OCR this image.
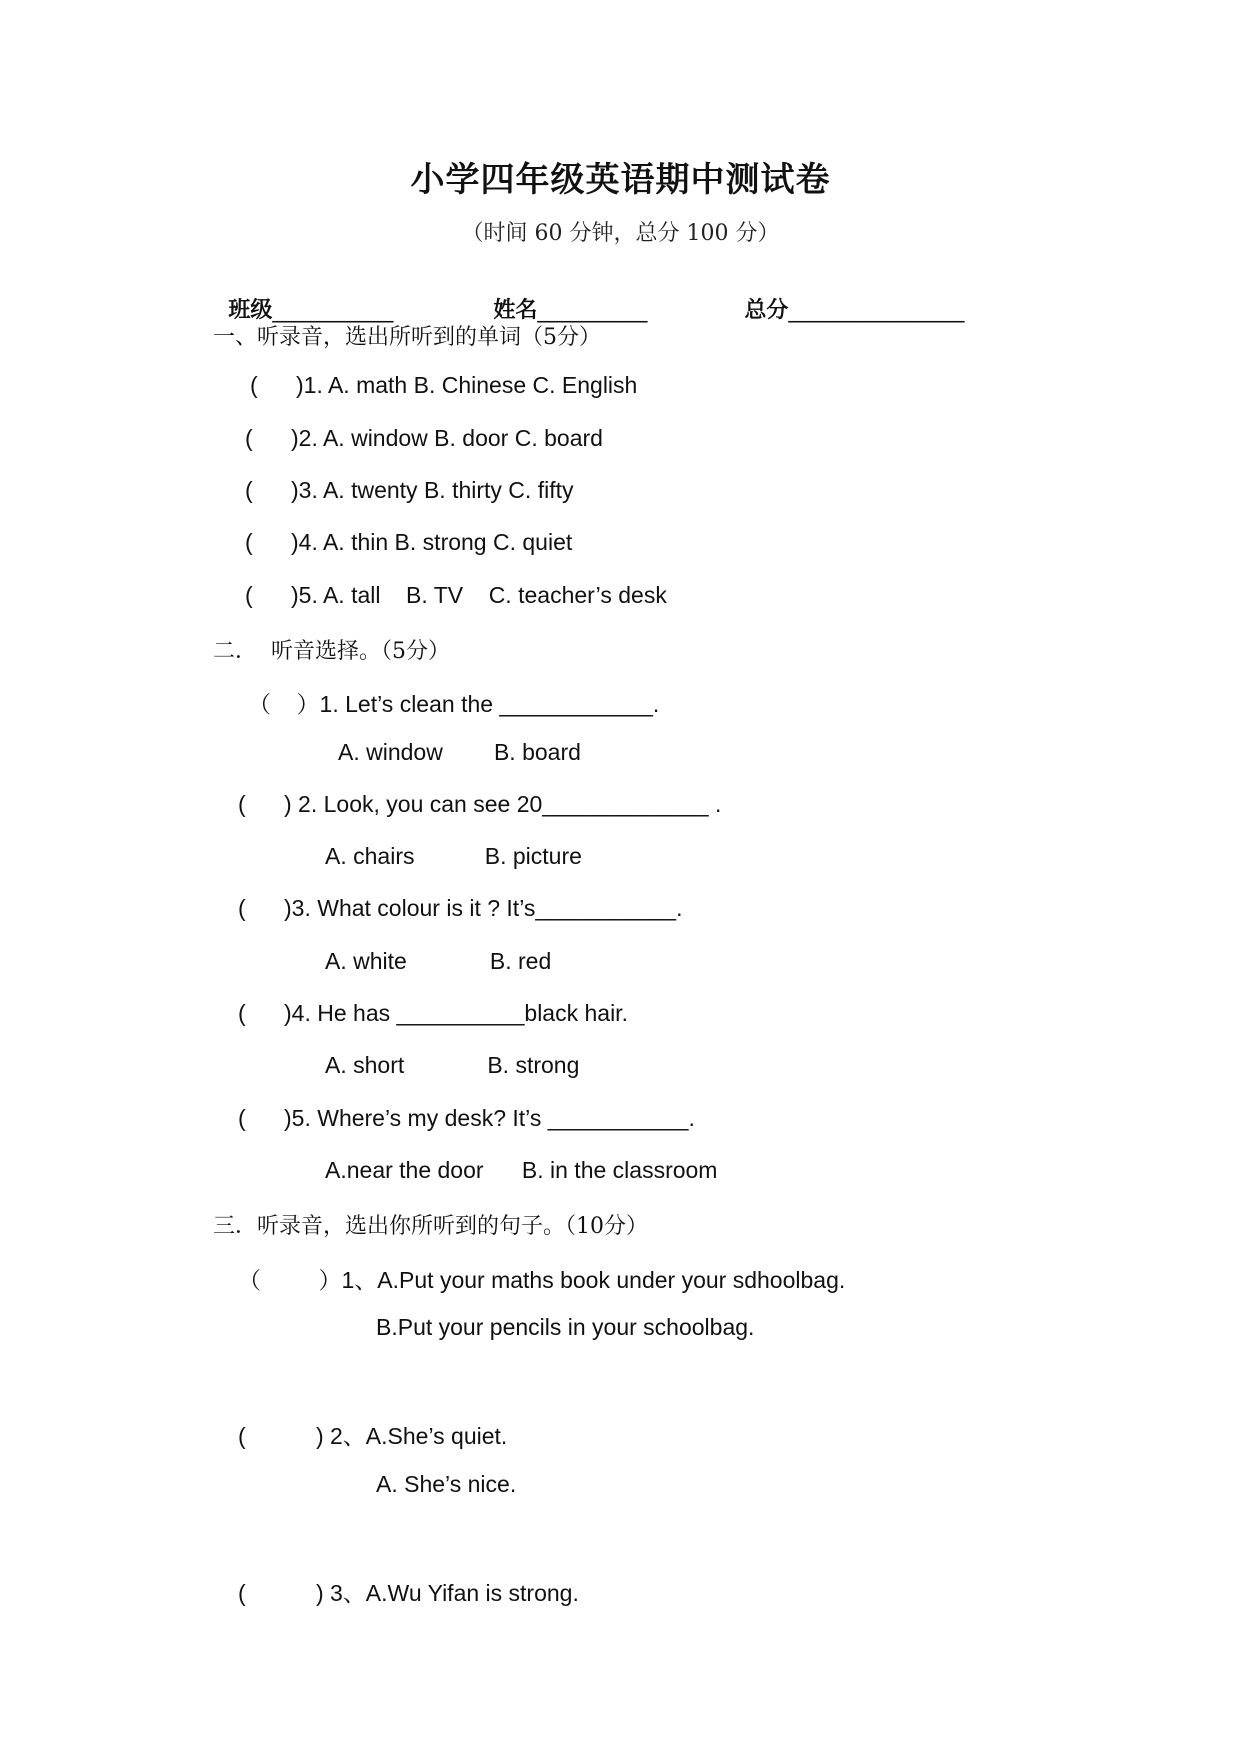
小学四年级英语期中测试卷
（时间 60 分钟，总分 100 分）

班级___________	姓名__________	总分________________

一、听录音，选出所听到的单词（5分）
(      )1. A. math B. Chinese C. English
(      )2. A. window B. door C. board
(      )3. A. twenty B. thirty C. fifty
(      )4. A. thin B. strong C. quiet
(      )5. A. tall    B. TV    C. teacher’s desk
二．  听音选择。（5分）
（    ）1. Let’s clean the ____________.
A. window        B. board
(      ) 2. Look, you can see 20_____________ .
A. chairs           B. picture
(      )3. What colour is it ? It’s___________.
A. white             B. red
(      )4. He has __________black hair.
A. short             B. strong
(      )5. Where’s my desk? It’s ___________.
A.near the door      B. in the classroom
三．听录音，选出你所听到的句子。（10分）
（         ）1、A.Put your maths book under your sdhoolbag.
B.Put your pencils in your schoolbag.
(           ) 2、A.She’s quiet.
A. She’s nice.
(           ) 3、A.Wu Yifan is strong.
